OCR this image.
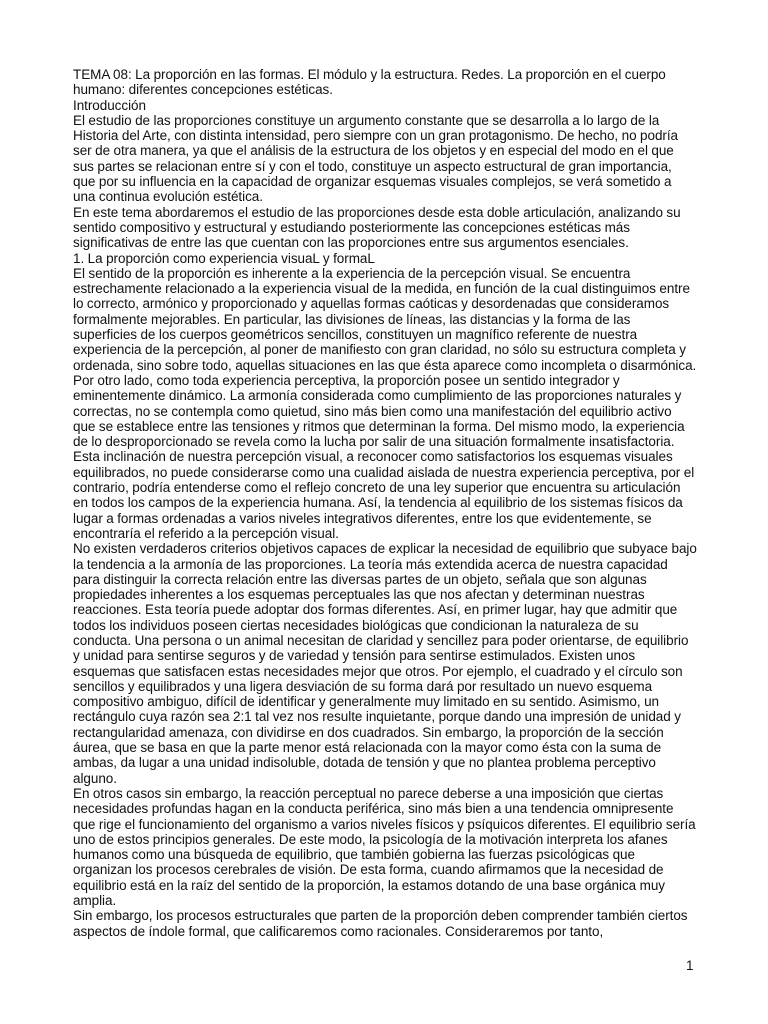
TEMA 08: La proporción en las formas. El módulo y la estructura. Redes. La proporción en el cuerpo humano: diferentes concepciones estéticas.

Introducción

El estudio de las proporciones constituye un argumento constante que se desarrolla a lo largo de la Historia del Arte, con distinta intensidad, pero siempre con un gran protagonismo. De hecho, no podría ser de otra manera, ya que el análisis de la estructura de los objetos y en especial del modo en el que sus partes se relacionan entre sí y con el todo, constituye un aspecto estructural de gran importancia, que por su influencia en la capacidad de organizar esquemas visuales complejos, se verá sometido a una continua evolución estética.

En este tema abordaremos el estudio de las proporciones desde esta doble articulación, analizando su sentido compositivo y estructural y estudiando posteriormente las concepciones estéticas más significativas de entre las que cuentan con las proporciones entre sus argumentos esenciales.

1. La proporción como experiencia visuaL y formaL

El sentido de la proporción es inherente a la experiencia de la percepción visual. Se encuentra estrechamente relacionado a la experiencia visual de la medida, en función de la cual distinguimos entre lo correcto, armónico y proporcionado y aquellas formas caóticas y desordenadas que consideramos formalmente mejorables. En particular, las divisiones de líneas, las distancias y la forma de las superficies de los cuerpos geométricos sencillos, constituyen un magnífico referente de nuestra experiencia de la percepción, al poner de manifiesto con gran claridad, no sólo su estructura completa y ordenada, sino sobre todo, aquellas situaciones en las que ésta aparece como incompleta o disarmónica.

Por otro lado, como toda experiencia perceptiva, la proporción posee un sentido integrador y eminentemente dinámico. La armonía considerada como cumplimiento de las proporciones naturales y correctas, no se contempla como quietud, sino más bien como una manifestación del equilibrio activo que se establece entre las tensiones y ritmos que determinan la forma. Del mismo modo, la experiencia de lo desproporcionado se revela como la lucha por salir de una situación formalmente insatisfactoria.

Esta inclinación de nuestra percepción visual, a reconocer como satisfactorios los esquemas visuales equilibrados, no puede considerarse como una cualidad aislada de nuestra experiencia perceptiva, por el contrario, podría entenderse como el reflejo concreto de una ley superior que encuentra su articulación en todos los campos de la experiencia humana. Así, la tendencia al equilibrio de los sistemas físicos da lugar a formas ordenadas a varios niveles integrativos diferentes, entre los que evidentemente, se encontraría el referido a la percepción visual.

No existen verdaderos criterios objetivos capaces de explicar la necesidad de equilibrio que subyace bajo la tendencia a la armonía de las proporciones. La teoría más extendida acerca de nuestra capacidad para distinguir la correcta relación entre las diversas partes de un objeto, señala que son algunas propiedades inherentes a los esquemas perceptuales las que nos afectan y determinan nuestras reacciones. Esta teoría puede adoptar dos formas diferentes. Así, en primer lugar, hay que admitir que todos los individuos poseen ciertas necesidades biológicas que condicionan la naturaleza de su conducta. Una persona o un animal necesitan de claridad y sencillez para poder orientarse, de equilibrio y unidad para sentirse seguros y de variedad y tensión para sentirse estimulados. Existen unos esquemas que satisfacen estas necesidades mejor que otros. Por ejemplo, el cuadrado y el círculo son sencillos y equilibrados y una ligera desviación de su forma dará por resultado un nuevo esquema compositivo ambiguo, difícil de identificar y generalmente muy limitado en su sentido. Asimismo, un rectángulo cuya razón sea 2:1 tal vez nos resulte inquietante, porque dando una impresión de unidad y rectangularidad amenaza, con dividirse en dos cuadrados. Sin embargo, la proporción de la sección áurea, que se basa en que la parte menor está relacionada con la mayor como ésta con la suma de ambas, da lugar a una unidad indisoluble, dotada de tensión y que no plantea problema perceptivo alguno.

En otros casos sin embargo, la reacción perceptual no parece deberse a una imposición que ciertas necesidades profundas hagan en la conducta periférica, sino más bien a una tendencia omnipresente que rige el funcionamiento del organismo a varios niveles físicos y psíquicos diferentes. El equilibrio sería uno de estos principios generales. De este modo, la psicología de la motivación interpreta los afanes humanos como una búsqueda de equilibrio, que también gobierna las fuerzas psicológicas que organizan los procesos cerebrales de visión. De esta forma, cuando afirmamos que la necesidad de equilibrio está en la raíz del sentido de la proporción, la estamos dotando de una base orgánica muy amplia.

Sin embargo, los procesos estructurales que parten de la proporción deben comprender también ciertos aspectos de índole formal, que calificaremos como racionales. Consideraremos por tanto,

1
